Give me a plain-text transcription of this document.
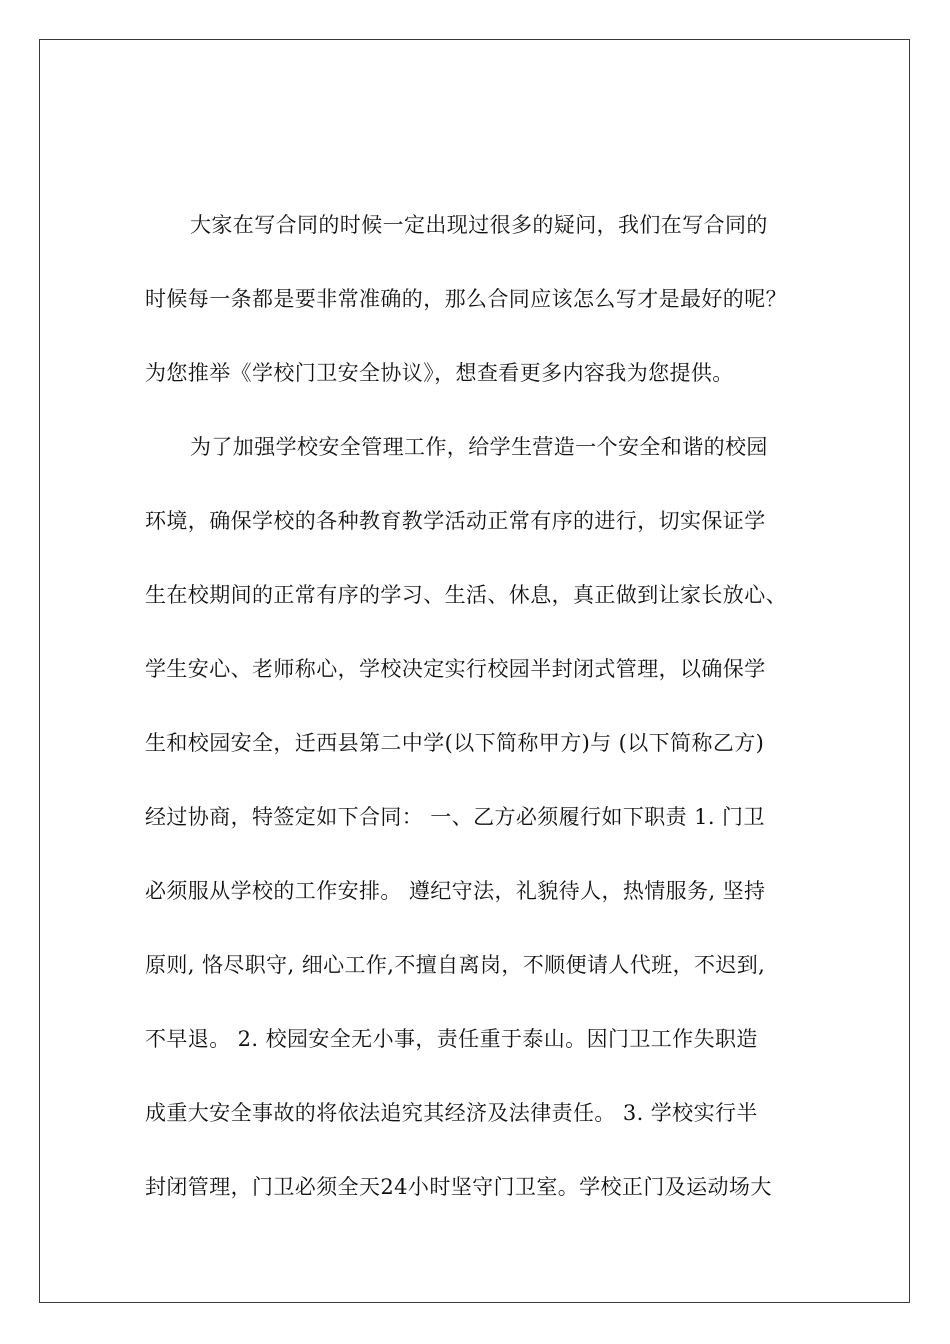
大家在写合同的时候一定出现过很多的疑问，我们在写合同的
时候每一条都是要非常准确的，那么合同应该怎么写才是最好的呢？
为您推举《学校门卫安全协议》，想查看更多内容我为您提供。
为了加强学校安全管理工作，给学生营造一个安全和谐的校园
环境，确保学校的各种教育教学活动正常有序的进行，切实保证学
生在校期间的正常有序的学习、生活、休息，真正做到让家长放心、
学生安心、老师称心，学校决定实行校园半封闭式管理，以确保学
生和校园安全，迁西县第二中学(以下简称甲方)与 (以下简称乙方)
经过协商，特签定如下合同： 一、乙方必须履行如下职责 1. 门卫
必须服从学校的工作安排。 遵纪守法，礼貌待人，热情服务, 坚持
原则, 恪尽职守, 细心工作,不擅自离岗，不顺便请人代班，不迟到,
不早退。 2. 校园安全无小事，责任重于泰山。因门卫工作失职造
成重大安全事故的将依法追究其经济及法律责任。 3. 学校实行半
封闭管理，门卫必须全天24小时坚守门卫室。学校正门及运动场大
